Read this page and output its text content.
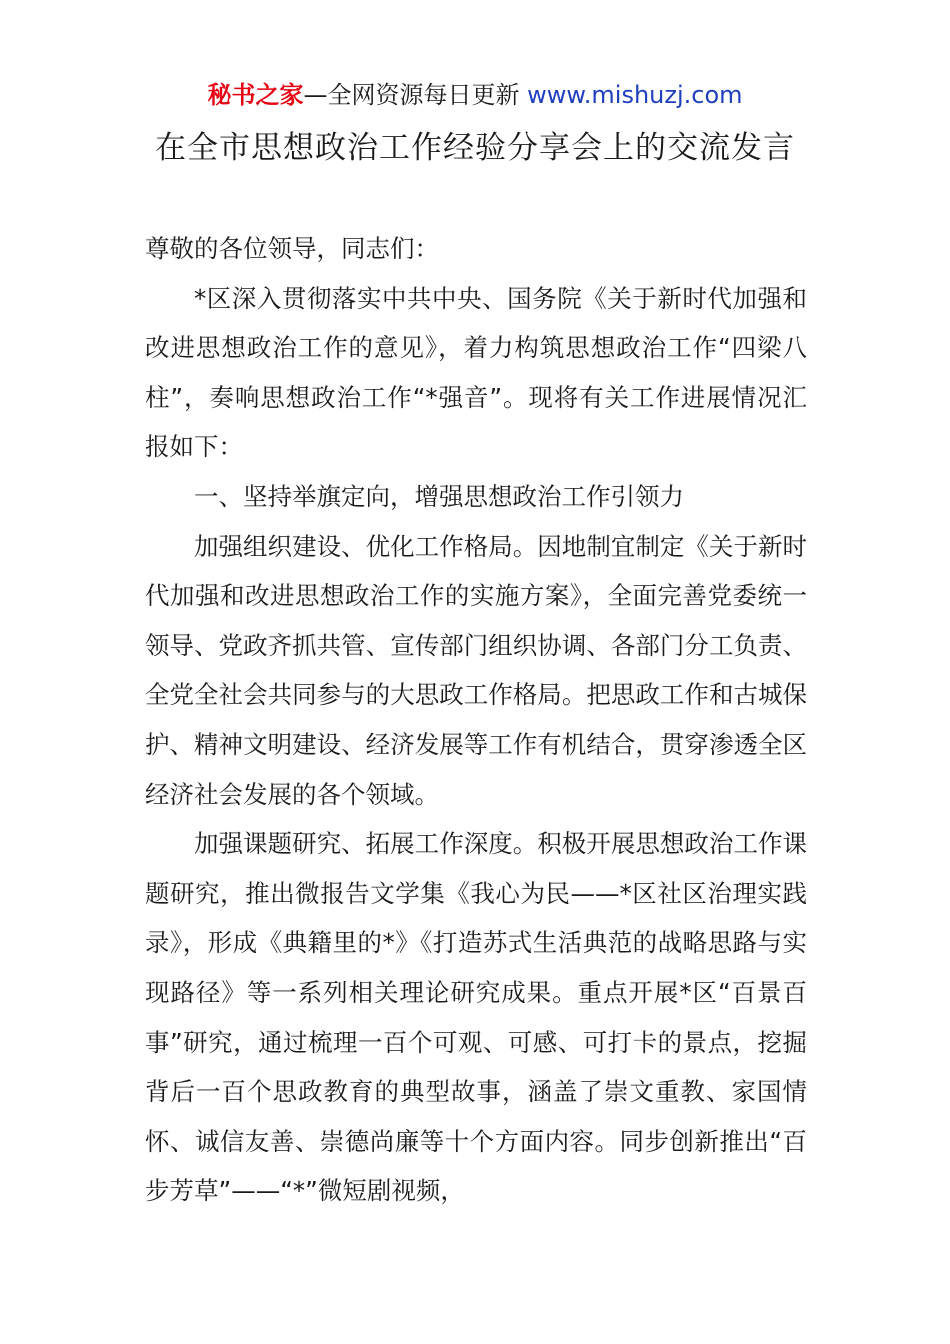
秘书之家—全网资源每日更新 www.mishuzj.com
在全市思想政治工作经验分享会上的交流发言

尊敬的各位领导，同志们：

*区深入贯彻落实中共中央、国务院《关于新时代加强和改进思想政治工作的意见》，着力构筑思想政治工作“四梁八柱”，奏响思想政治工作“*强音”。现将有关工作进展情况汇报如下：

一、坚持举旗定向，增强思想政治工作引领力

加强组织建设、优化工作格局。因地制宜制定《关于新时代加强和改进思想政治工作的实施方案》，全面完善党委统一领导、党政齐抓共管、宣传部门组织协调、各部门分工负责、全党全社会共同参与的大思政工作格局。把思政工作和古城保护、精神文明建设、经济发展等工作有机结合，贯穿渗透全区经济社会发展的各个领域。

加强课题研究、拓展工作深度。积极开展思想政治工作课题研究，推出微报告文学集《我心为民——*区社区治理实践录》，形成《典籍里的*》《打造苏式生活典范的战略思路与实现路径》等一系列相关理论研究成果。重点开展*区“百景百事”研究，通过梳理一百个可观、可感、可打卡的景点，挖掘背后一百个思政教育的典型故事，涵盖了崇文重教、家国情怀、诚信友善、崇德尚廉等十个方面内容。同步创新推出“百步芳草”——“*”微短剧视频，
